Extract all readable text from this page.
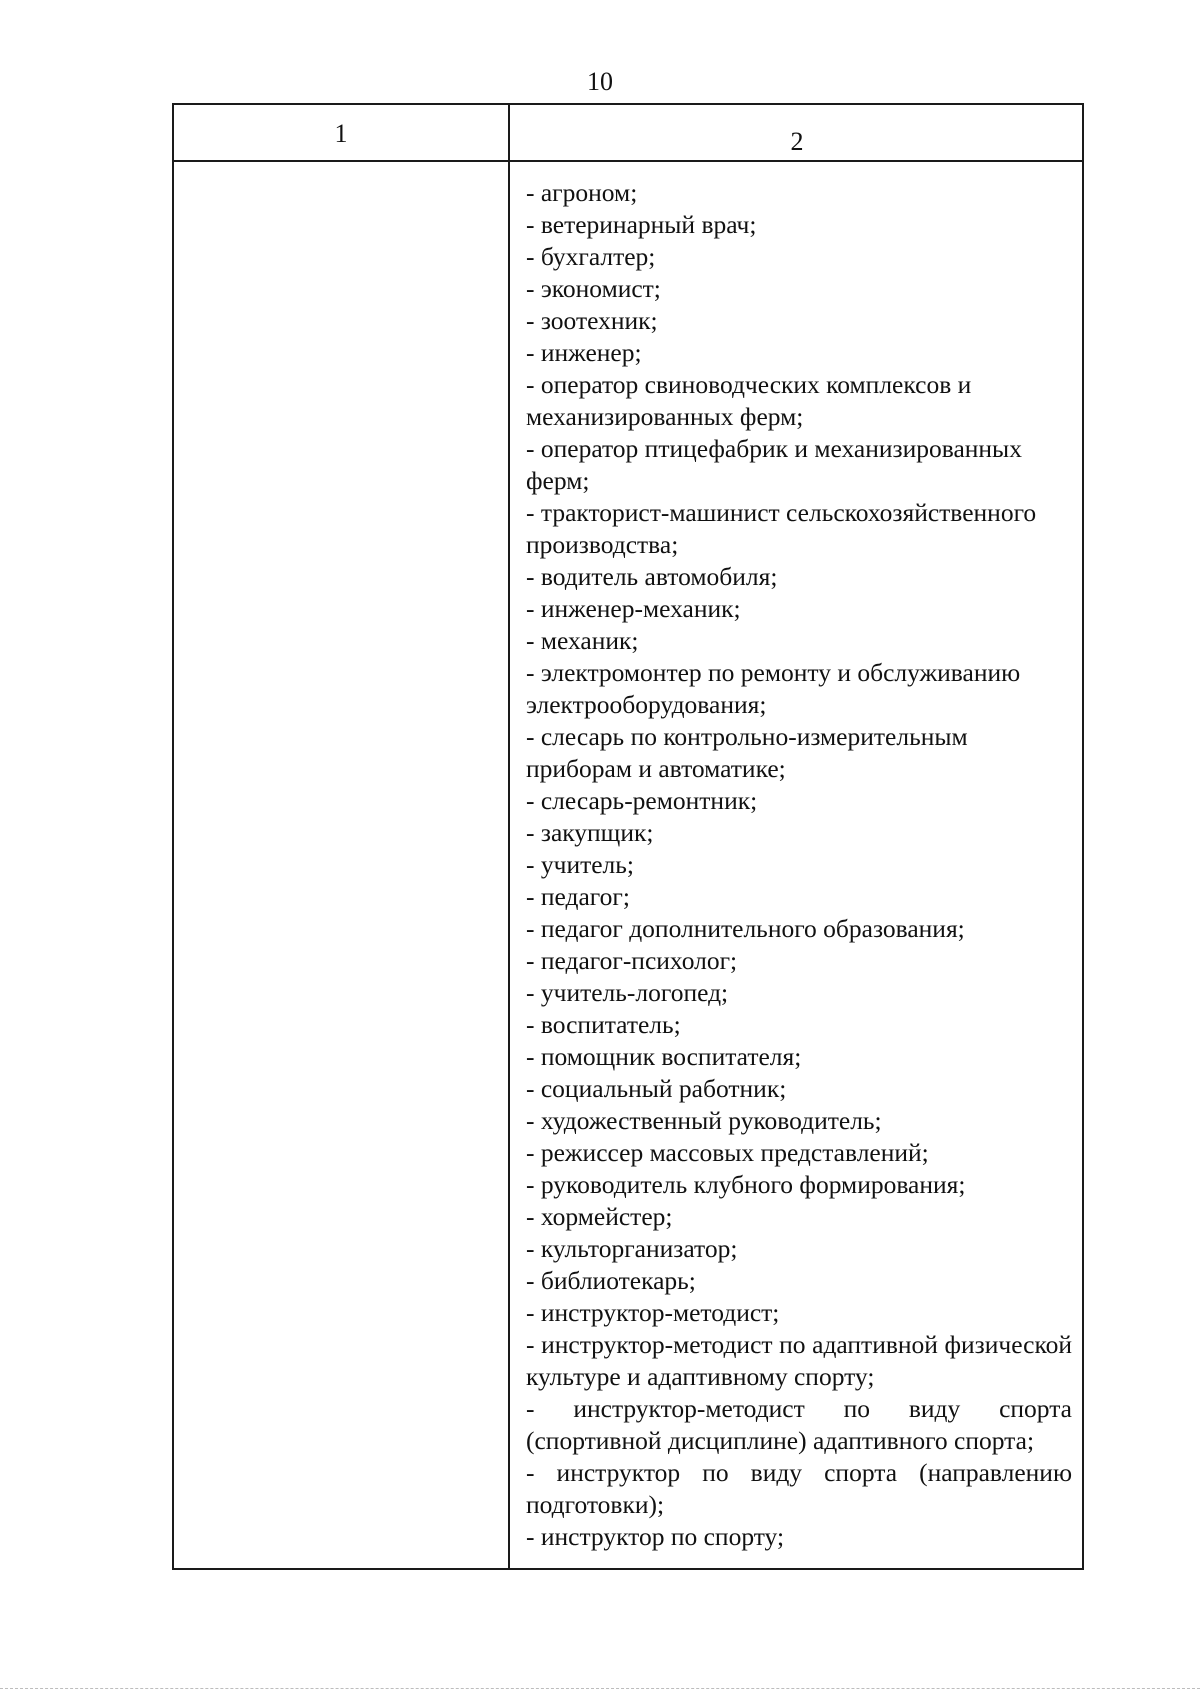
10
1	2
- агроном;
- ветеринарный врач;
- бухгалтер;
- экономист;
- зоотехник;
- инженер;
- оператор свиноводческих комплексов и механизированных ферм;
- оператор птицефабрик и механизированных ферм;
- тракторист-машинист сельскохозяйственного производства;
- водитель автомобиля;
- инженер-механик;
- механик;
- электромонтер по ремонту и обслуживанию электрооборудования;
- слесарь по контрольно-измерительным приборам и автоматике;
- слесарь-ремонтник;
- закупщик;
- учитель;
- педагог;
- педагог дополнительного образования;
- педагог-психолог;
- учитель-логопед;
- воспитатель;
- помощник воспитателя;
- социальный работник;
- художественный руководитель;
- режиссер массовых представлений;
- руководитель клубного формирования;
- хормейстер;
- культорганизатор;
- библиотекарь;
- инструктор-методист;
- инструктор-методист по адаптивной физической культуре и адаптивному спорту;
- инструктор-методист по виду спорта (спортивной дисциплине) адаптивного спорта;
- инструктор по виду спорта (направлению подготовки);
- инструктор по спорту;
